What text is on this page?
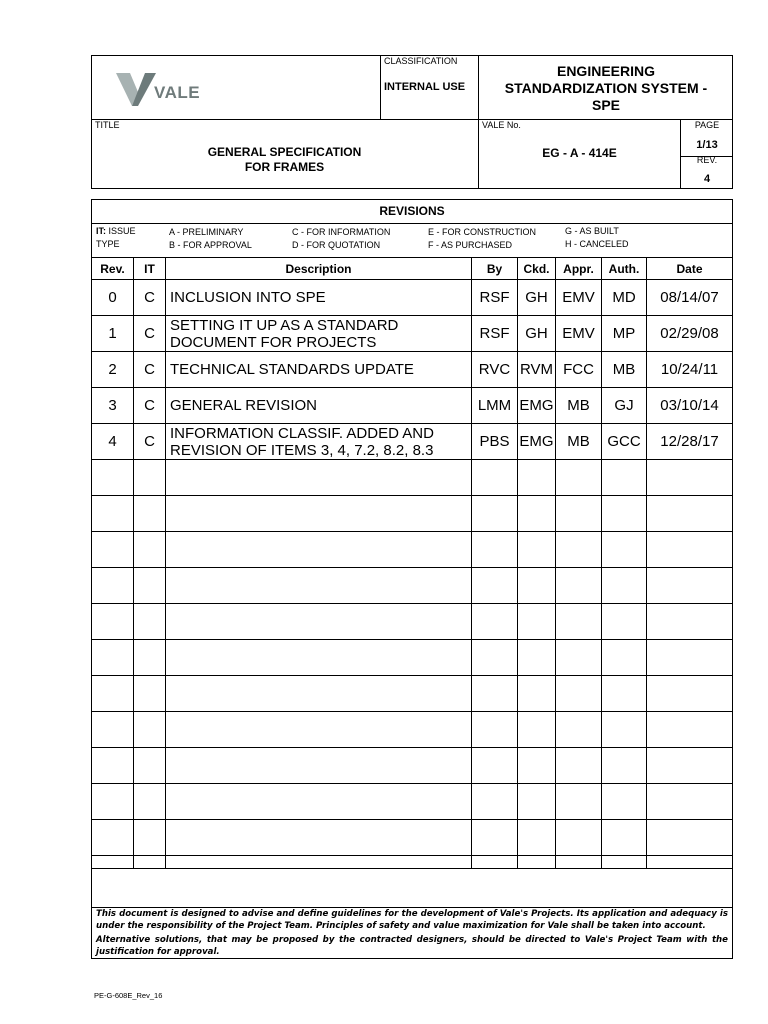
VALE
CLASSIFICATION
INTERNAL USE
ENGINEERING
STANDARDIZATION SYSTEM -
SPE
TITLE
GENERAL SPECIFICATION
FOR FRAMES
VALE No.
EG - A - 414E
PAGE
1/13
REV.
4
REVISIONS
IT: ISSUE
TYPE
A - PRELIMINARY
B - FOR APPROVAL
C - FOR INFORMATION
D - FOR QUOTATION
E - FOR CONSTRUCTION
F - AS PURCHASED
G - AS BUILT
H - CANCELED
Rev.	IT	Description	By	Ckd.	Appr.	Auth.	Date
0	C	INCLUSION INTO SPE	RSF	GH	EMV	MD	08/14/07
1	C	SETTING IT UP AS A STANDARD
DOCUMENT FOR PROJECTS	RSF	GH	EMV	MP	02/29/08
2	C	TECHNICAL STANDARDS UPDATE	RVC	RVM	FCC	MB	10/24/11
3	C	GENERAL REVISION	LMM	EMG	MB	GJ	03/10/14
4	C	INFORMATION CLASSIF. ADDED AND
REVISION OF ITEMS 3, 4, 7.2, 8.2, 8.3	PBS	EMG	MB	GCC	12/28/17

This document is designed to advise and define guidelines for the development of Vale's Projects. Its application and adequacy is under the responsibility of the Project Team. Principles of safety and value maximization for Vale shall be taken into account.
Alternative solutions, that may be proposed by the contracted designers, should be directed to Vale's Project Team with the justification for approval.
PE-G-608E_Rev_16
